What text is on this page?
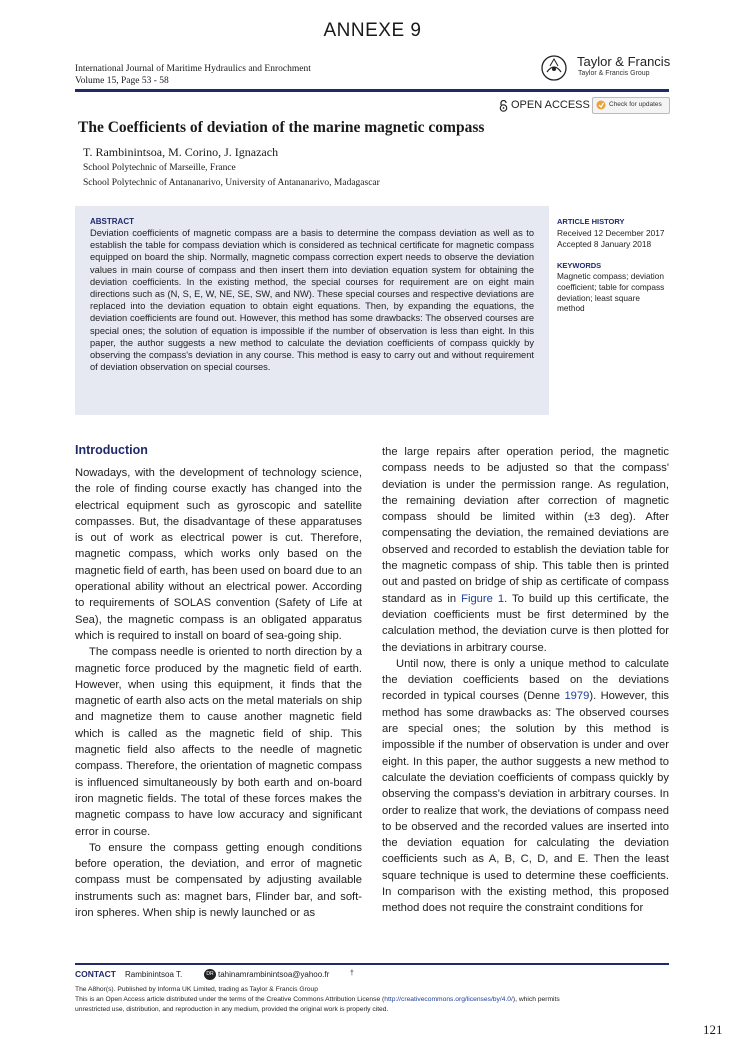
ANNEXE 9
International Journal of Maritime Hydraulics and Enrochment
Volume 15, Page 53 - 58
Taylor & Francis
Taylor & Francis Group
OPEN ACCESS	Check for updates
The Coefficients of deviation of the marine magnetic compass
T. Rambinintsoa, M. Corino, J. Ignazach
School Polytechnic of Marseille, France
School Polytechnic of Antananarivo, University of Antananarivo, Madagascar
ABSTRACT
Deviation coefficients of magnetic compass are a basis to determine the compass deviation as well as to establish the table for compass deviation which is considered as technical certificate for magnetic compass equipped on board the ship. Normally, magnetic compass correction expert needs to observe the deviation values in main course of compass and then insert them into deviation equation system for obtaining the deviation coefficients. In the existing method, the special courses for requirement are on eight main directions such as (N, S, E, W, NE, SE, SW, and NW). These special courses and respective deviations are replaced into the deviation equation to obtain eight equations. Then, by expanding the equations, the deviation coefficients are found out. However, this method has some drawbacks: The observed courses are special ones; the solution of equation is impossible if the number of observation is less than eight. In this paper, the author suggests a new method to calculate the deviation coefficients of compass quickly by observing the compass's deviation in any course. This method is easy to carry out and without requirement of deviation observation on special courses.
ARTICLE HISTORY
Received 12 December 2017
Accepted 8 January 2018
KEYWORDS
Magnetic compass; deviation coefficient; table for compass deviation; least square method
Introduction

Nowadays, with the development of technology science, the role of finding course exactly has changed into the electrical equipment such as gyroscopic and satellite compasses. But, the disadvantage of these apparatuses is out of work as electrical power is cut. Therefore, magnetic compass, which works only based on the magnetic field of earth, has been used on board due to an operational ability without an electrical power. According to requirements of SOLAS convention (Safety of Life at Sea), the magnetic compass is an obligated apparatus which is required to install on board of sea-going ship.

The compass needle is oriented to north direction by a magnetic force produced by the magnetic field of earth. However, when using this equipment, it finds that the magnetic of earth also acts on the metal materials on ship and magnetize them to cause another magnetic field which is called as the magnetic field of ship. This magnetic field also affects to the needle of magnetic compass. Therefore, the orientation of magnetic compass is influenced simultaneously by both earth and on-board iron magnetic fields. The total of these forces makes the magnetic compass to have low accuracy and significant error in course.

To ensure the compass getting enough conditions before operation, the deviation, and error of magnetic compass must be compensated by adjusting available instruments such as: magnet bars, Flinder bar, and soft-iron spheres. When ship is newly launched or as

the large repairs after operation period, the magnetic compass needs to be adjusted so that the compass' deviation is under the permission range. As regulation, the remaining deviation after correction of magnetic compass should be limited within (±3 deg). After compensating the deviation, the remained deviations are observed and recorded to establish the deviation table for the magnetic compass of ship. This table then is printed out and pasted on bridge of ship as certificate of compass standard as in Figure 1. To build up this certificate, the deviation coefficients must be first determined by the calculation method, the deviation curve is then plotted for the deviations in arbitrary course.

Until now, there is only a unique method to calculate the deviation coefficients based on the deviations recorded in typical courses (Denne 1979). However, this method has some drawbacks as: The observed courses are special ones; the solution by this method is impossible if the number of observation is under and over eight. In this paper, the author suggests a new method to calculate the deviation coefficients of compass quickly by observing the compass's deviation in arbitrary courses. In order to realize that work, the deviations of compass need to be observed and the recorded values are inserted into the deviation equation for calculating the deviation coefficients such as A, B, C, D, and E. Then the least square technique is used to determine these coefficients. In comparison with the existing method, this proposed method does not require the constraint conditions for

CONTACT Rambinintsoa T.	DR tahinamrambinintsoa@yahoo.fr	†
The A8hor(s). Published by Informa UK Limited, trading as Taylor & Francis Group
This is an Open Access article distributed under the terms of the Creative Commons Attribution License (http://creativecommons.org/licenses/by/4.0/), which permits
unrestricted use, distribution, and reproduction in any medium, provided the original work is properly cited.
121
